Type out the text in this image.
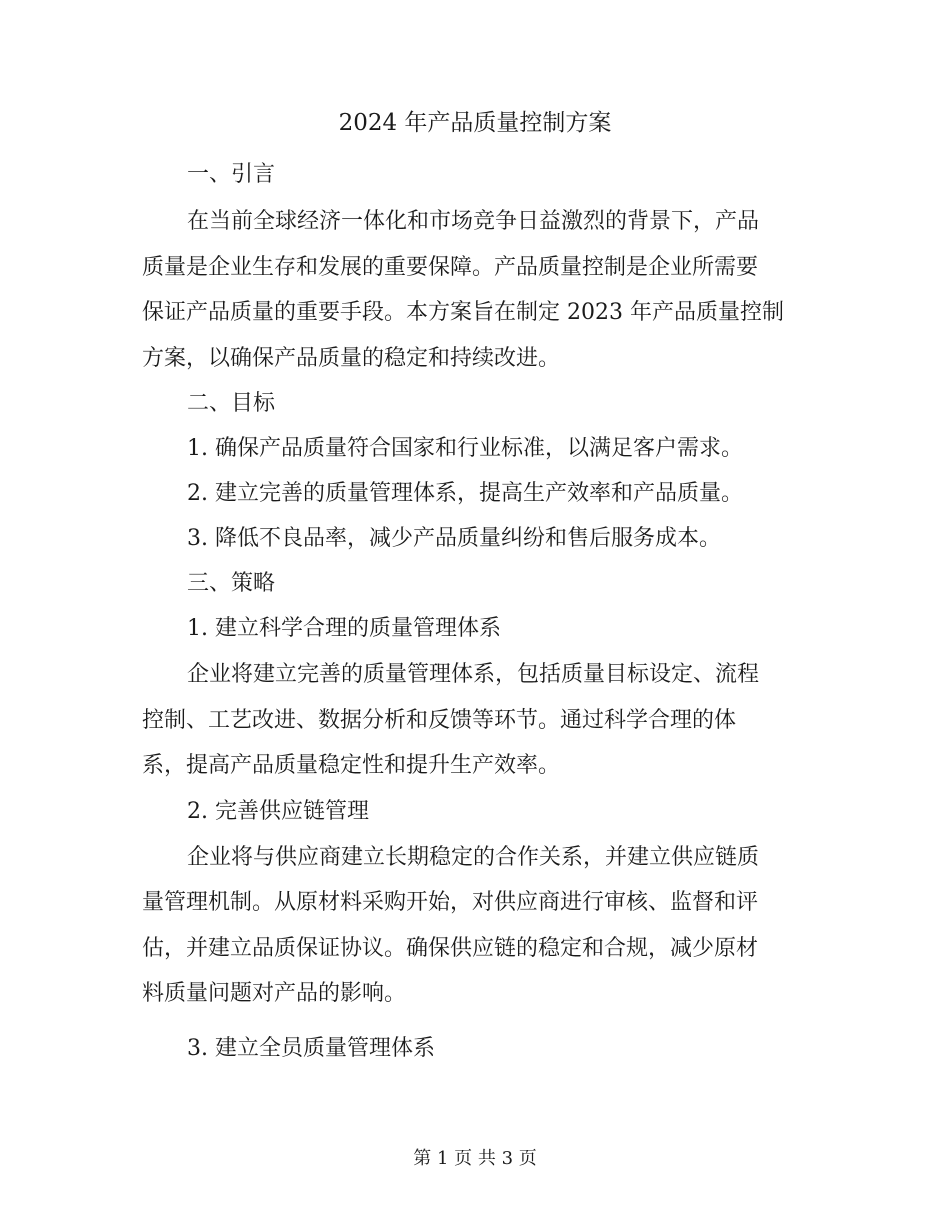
2024 年产品质量控制方案

一、引言

在当前全球经济一体化和市场竞争日益激烈的背景下，产品

质量是企业生存和发展的重要保障。产品质量控制是企业所需要

保证产品质量的重要手段。本方案旨在制定 2023 年产品质量控制

方案，以确保产品质量的稳定和持续改进。

二、目标

1. 确保产品质量符合国家和行业标准，以满足客户需求。

2. 建立完善的质量管理体系，提高生产效率和产品质量。

3. 降低不良品率，减少产品质量纠纷和售后服务成本。

三、策略

1. 建立科学合理的质量管理体系

企业将建立完善的质量管理体系，包括质量目标设定、流程

控制、工艺改进、数据分析和反馈等环节。通过科学合理的体

系，提高产品质量稳定性和提升生产效率。

2. 完善供应链管理

企业将与供应商建立长期稳定的合作关系，并建立供应链质

量管理机制。从原材料采购开始，对供应商进行审核、监督和评

估，并建立品质保证协议。确保供应链的稳定和合规，减少原材

料质量问题对产品的影响。

3. 建立全员质量管理体系

第 1 页 共 3 页
